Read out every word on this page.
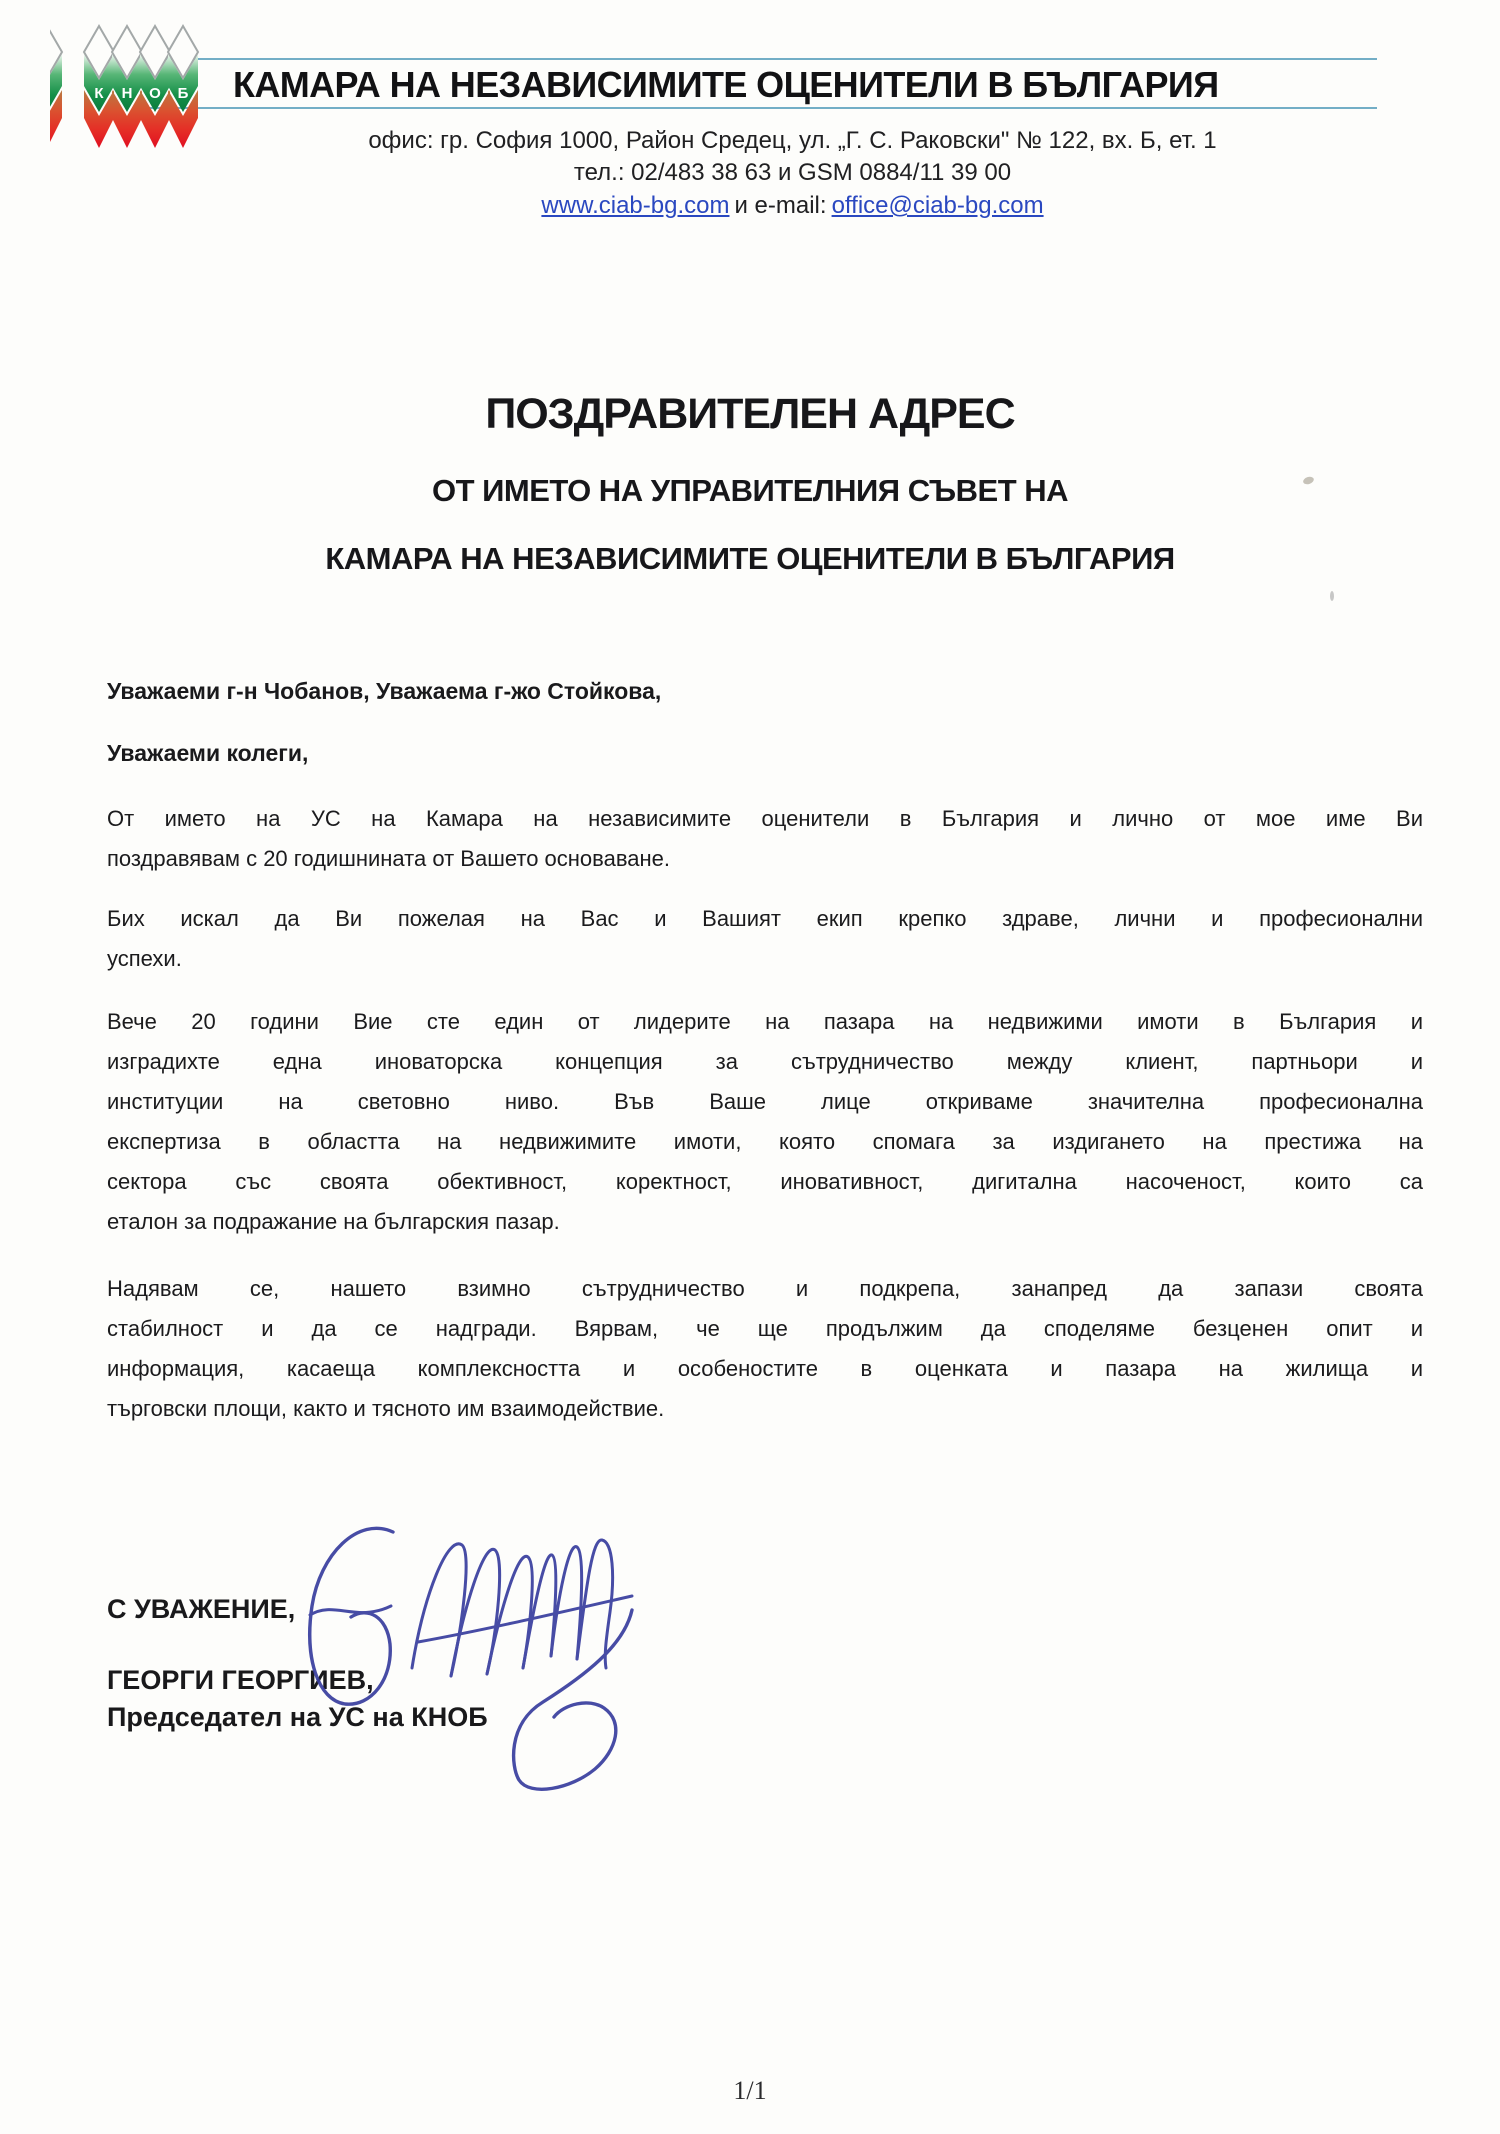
К Н О Б КАМАРА НА НЕЗАВИСИМИТЕ ОЦЕНИТЕЛИ В БЪЛГАРИЯ
офис: гр. София 1000, Район Средец, ул. „Г. С. Раковски" № 122, вх. Б, ет. 1
тел.: 02/483 38 63 и GSM 0884/11 39 00
www.ciab-bg.com и e-mail: office@ciab-bg.com
ПОЗДРАВИТЕЛЕН АДРЕС
ОТ ИМЕТО НА УПРАВИТЕЛНИЯ СЪВЕТ НА
КАМАРА НА НЕЗАВИСИМИТЕ ОЦЕНИТЕЛИ В БЪЛГАРИЯ
Уважаеми г-н Чобанов, Уважаема г-жо Стойкова,
Уважаеми колеги,
От името на УС на Камара на независимите оценители в България и лично от мое име Ви
поздравявам с 20 годишнината от Вашето основаване.
Бих искал да Ви пожелая на Вас и Вашият екип крепко здраве, лични и професионални
успехи.
Вече 20 години Вие сте един от лидерите на пазара на недвижими имоти в България и
изградихте една иноваторска концепция за сътрудничество между клиент, партньори и
институции на световно ниво. Във Ваше лице откриваме значителна професионална
експертиза в областта на недвижимите имоти, която спомага за издигането на престижа на
сектора със своята обективност, коректност, иновативност, дигитална насоченост, които са
еталон за подражание на българския пазар.
Надявам се, нашето взимно сътрудничество и подкрепа, занапред да запази своята
стабилност и да се надгради. Вярвам, че ще продължим да споделяме безценен опит и
информация, касаеща комплексността и особеностите в оценката и пазара на жилища и
търговски площи, както и тясното им взаимодействие.
С УВАЖЕНИЕ,
ГЕОРГИ ГЕОРГИЕВ,
Председател на УС на КНОБ
1/1
